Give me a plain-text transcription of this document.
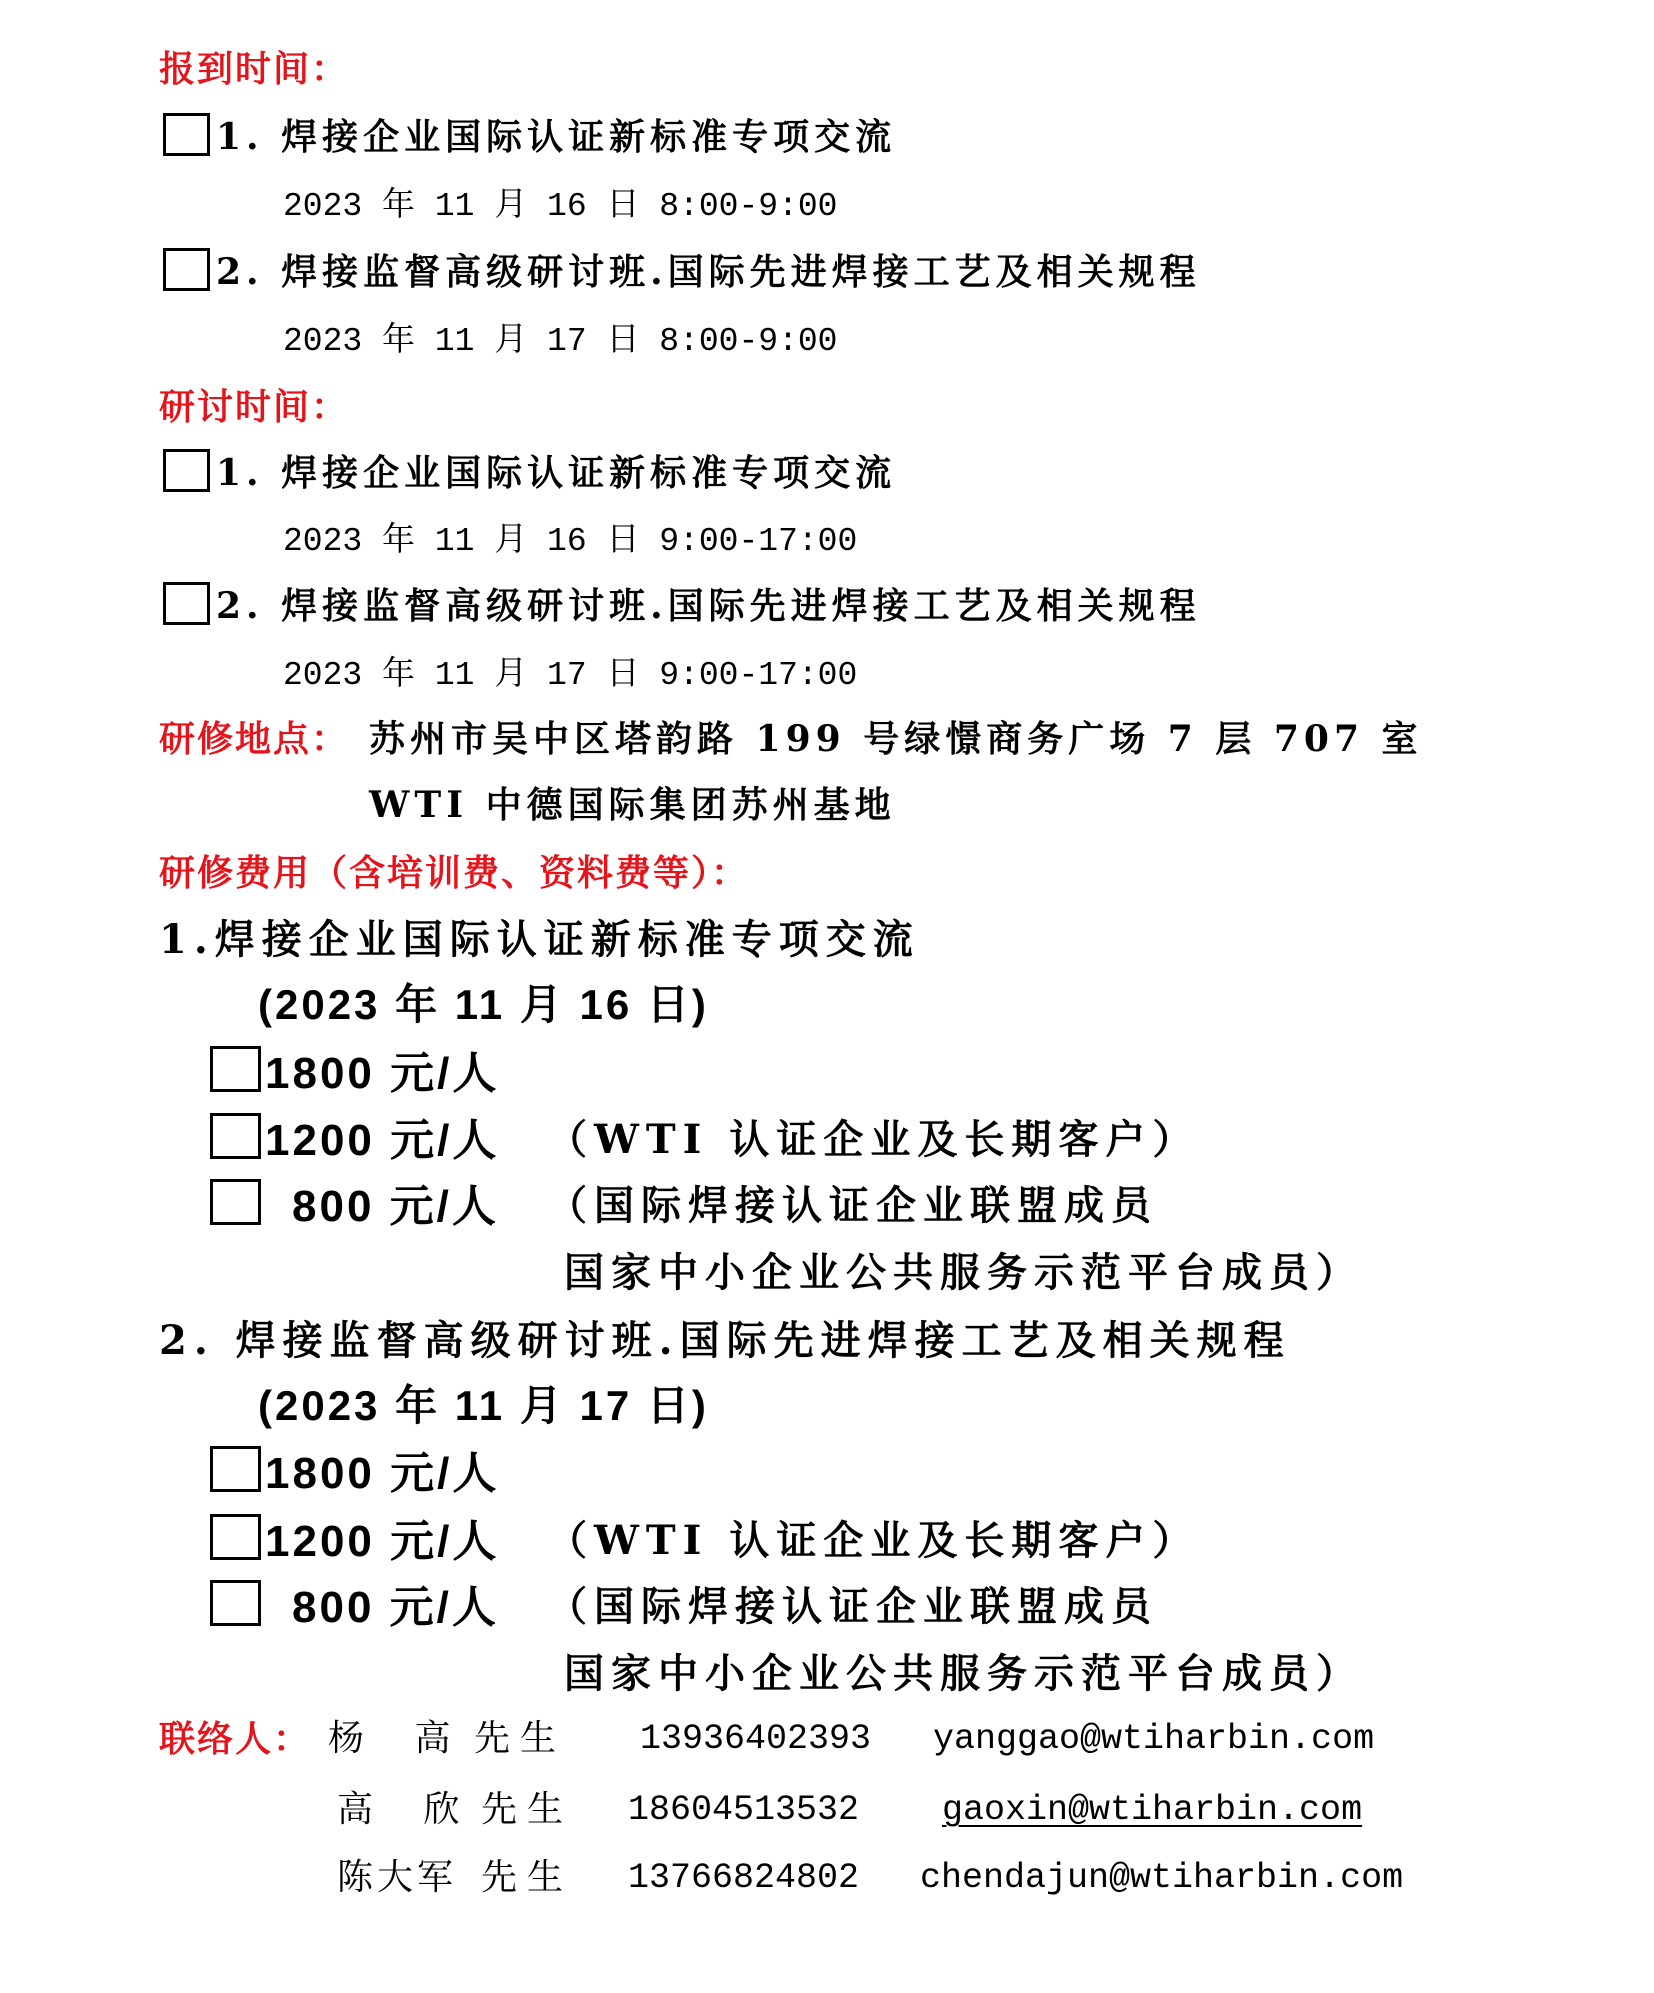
报到时间：
1. 焊接企业国际认证新标准专项交流
2023 年 11 月 16 日 8:00-9:00
2. 焊接监督高级研讨班.国际先进焊接工艺及相关规程
2023 年 11 月 17 日 8:00-9:00
研讨时间：
1. 焊接企业国际认证新标准专项交流
2023 年 11 月 16 日 9:00-17:00
2. 焊接监督高级研讨班.国际先进焊接工艺及相关规程
2023 年 11 月 17 日 9:00-17:00
研修地点： 苏州市吴中区塔韵路 199 号绿憬商务广场 7 层 707 室
WTI 中德国际集团苏州基地
研修费用（含培训费、资料费等）：
1.焊接企业国际认证新标准专项交流
(2023 年 11 月 16 日)
1800 元/人
1200 元/人 （WTI 认证企业及长期客户）
800 元/人 （国际焊接认证企业联盟成员
国家中小企业公共服务示范平台成员）
2. 焊接监督高级研讨班.国际先进焊接工艺及相关规程
(2023 年 11 月 17 日)
1800 元/人
1200 元/人 （WTI 认证企业及长期客户）
800 元/人 （国际焊接认证企业联盟成员
国家中小企业公共服务示范平台成员）
联络人： 杨 高 先生 13936402393 yanggao@wtiharbin.com
高 欣 先生 18604513532 gaoxin@wtiharbin.com
陈大军 先生 13766824802 chendajun@wtiharbin.com
